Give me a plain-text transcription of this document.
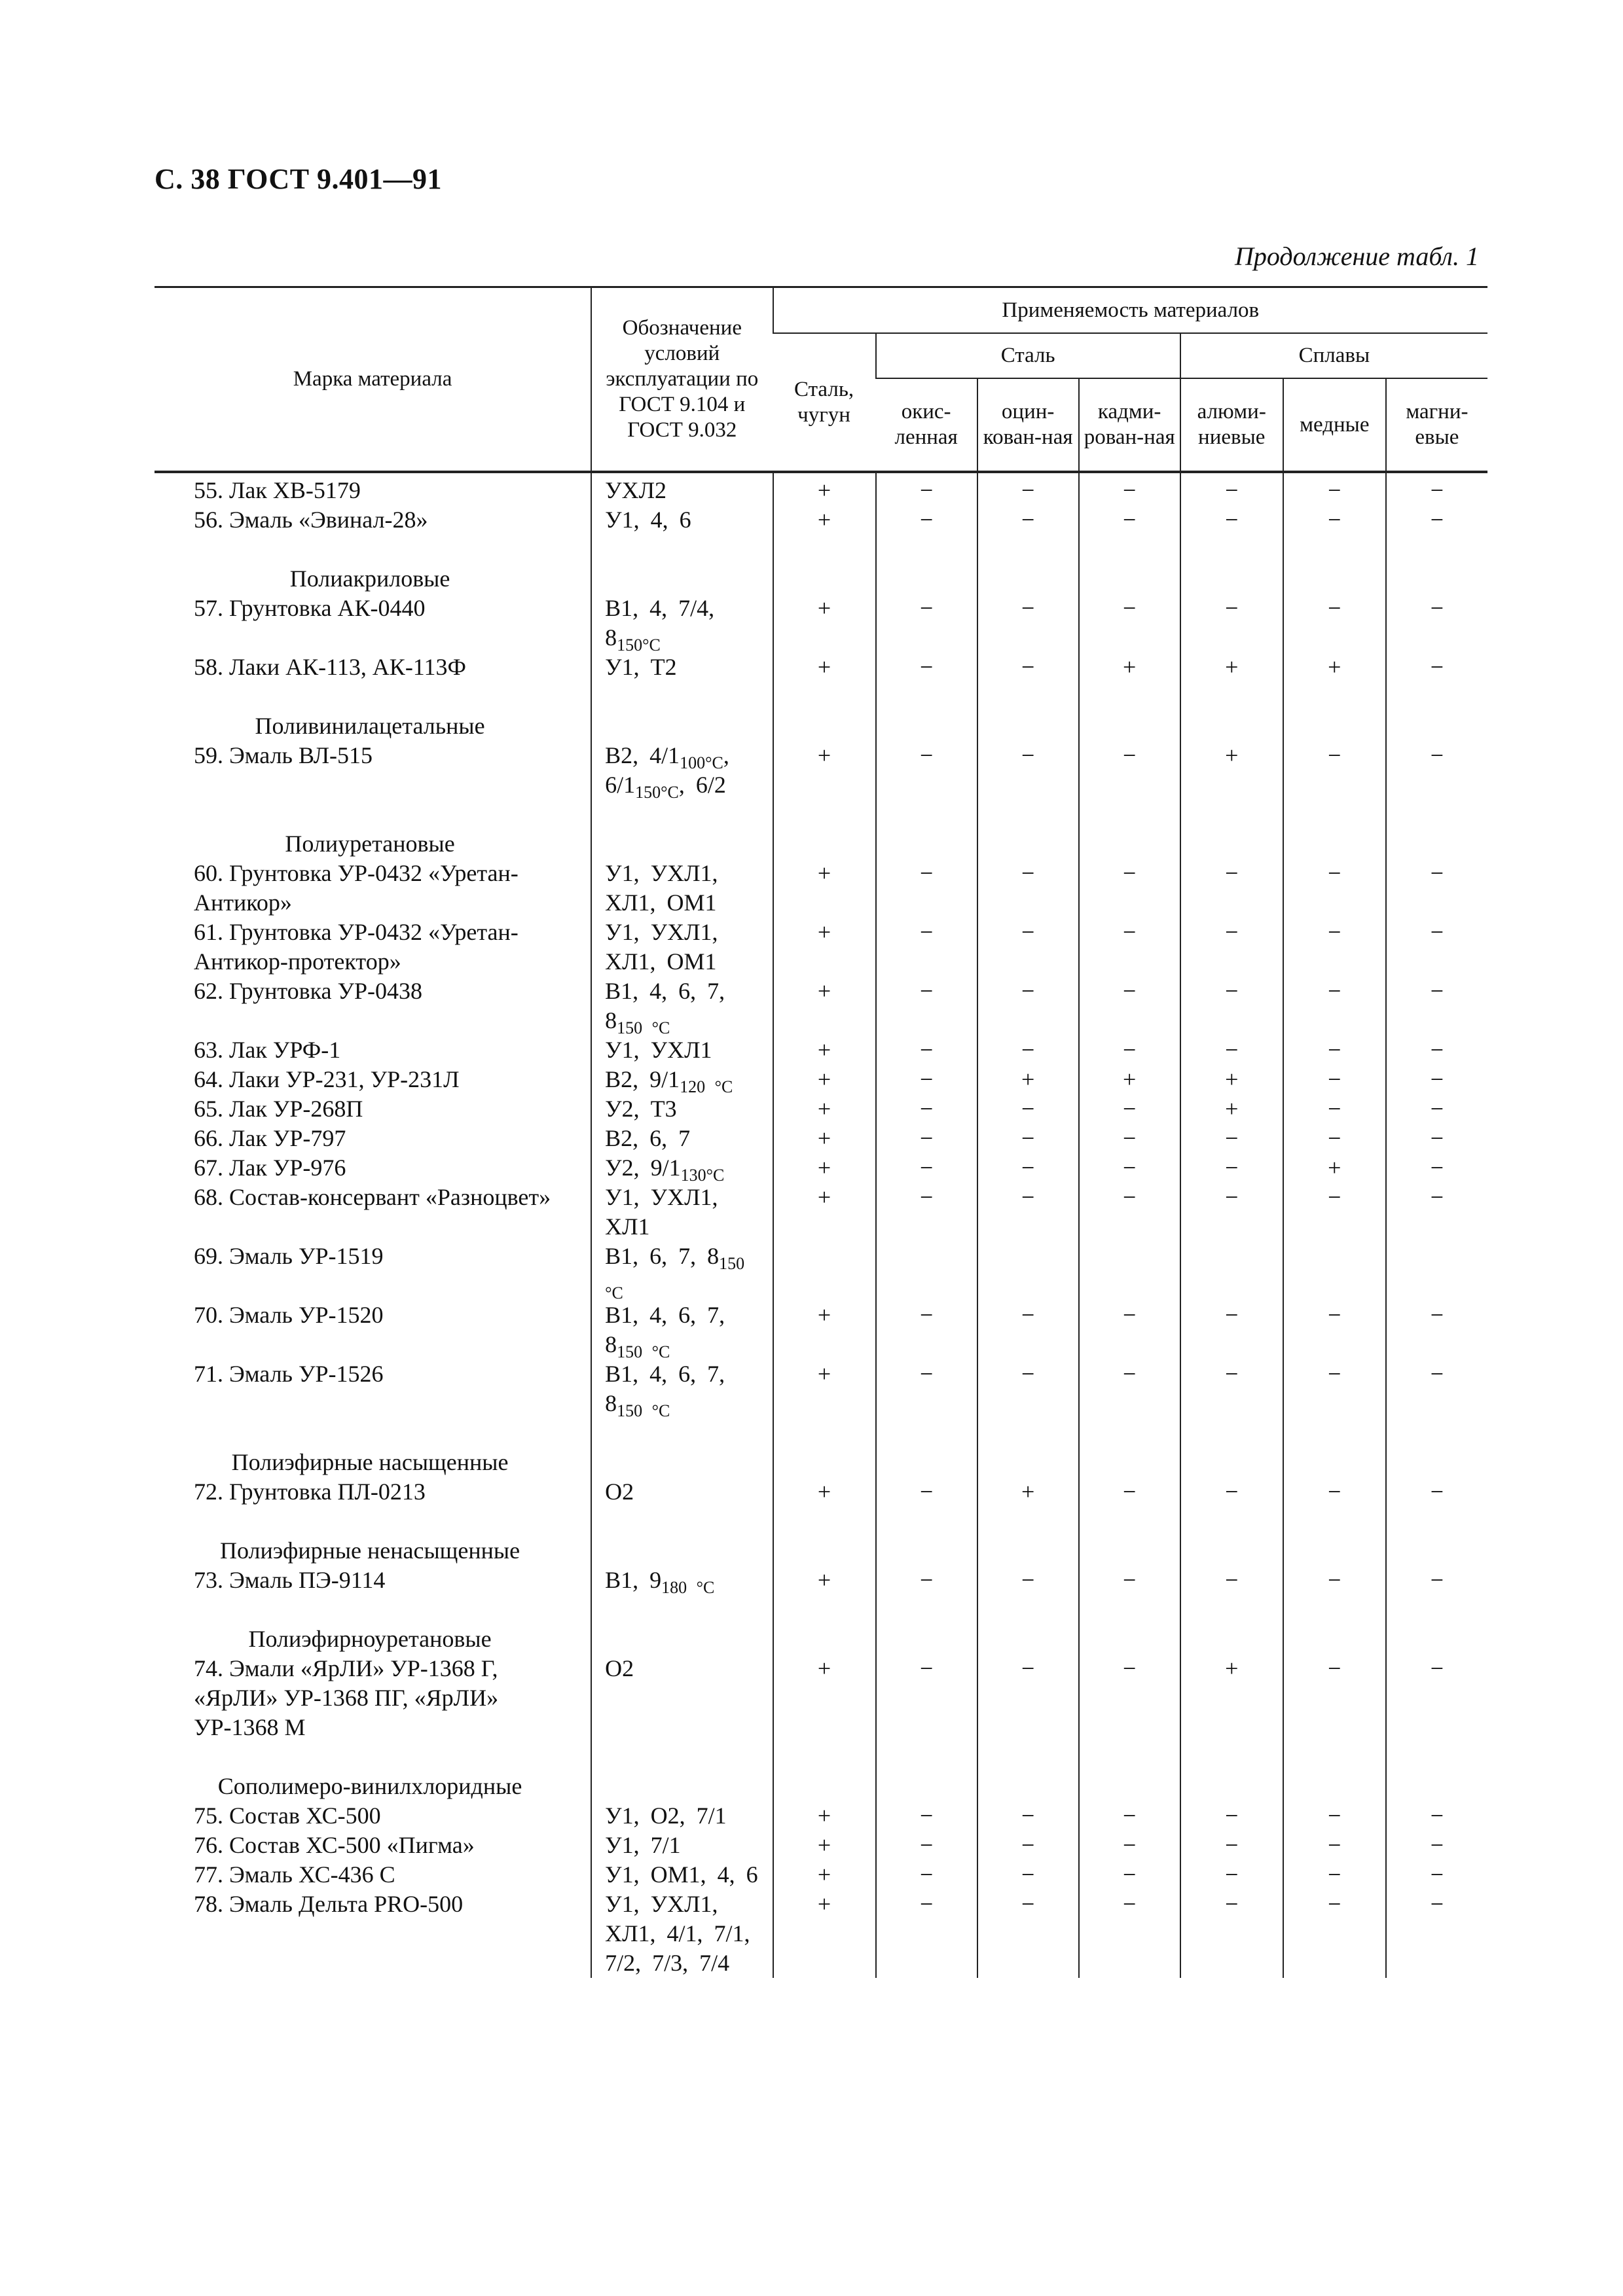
С. 38 ГОСТ 9.401—91
Продолжение табл. 1
Марка материала	Обозначение условий эксплуатации по ГОСТ 9.104 и ГОСТ 9.032	Применяемость материалов						
		Сталь, чугун	Сталь			Сплавы		
			окис-ленная	оцин-кован-ная	кадми-рован-ная	алюми-ниевые	медные	магни-евые

55. Лак ХВ-5179	УХЛ2	+	−	−	−	−	−	−
56. Эмаль «Эвинал-28»	У1, 4, 6	+	−	−	−	−	−	−

Полиакриловые								
57. Грунтовка АК-0440	В1, 4, 7/4, $8_{150^\circ C}$	+	−	−	−	−	−	−
58. Лаки АК-113, АК-113Ф	У1, Т2	+	−	−	+	+	+	−

Поливинилацетальные								
59. Эмаль ВЛ-515	В2, $4/1_{100^\circ C}$, $6/1_{150^\circ C}$, 6/2	+	−	−	−	+	−	−

Полиуретановые								
60. Грунтовка УР-0432 «Уретан-Антикор»	У1, УХЛ1, ХЛ1, ОМ1	+	−	−	−	−	−	−
61. Грунтовка УР-0432 «Уретан-Антикор-протектор»	У1, УХЛ1, ХЛ1, ОМ1	+	−	−	−	−	−	−
62. Грунтовка УР-0438	В1, 4, 6, 7, $8_{150 ^\circ C}$	+	−	−	−	−	−	−
63. Лак УРФ-1	У1, УХЛ1	+	−	−	−	−	−	−
64. Лаки УР-231, УР-231Л	В2, $9/1_{120 ^\circ C}$	+	−	+	+	+	−	−
65. Лак УР-268П	У2, Т3	+	−	−	−	+	−	−
66. Лак УР-797	В2, 6, 7	+	−	−	−	−	−	−
67. Лак УР-976	У2, $9/1_{130^\circ C}$	+	−	−	−	−	+	−
68. Состав-консервант «Разноцвет»	У1, УХЛ1, ХЛ1	+	−	−	−	−	−	−
69. Эмаль УР-1519	В1, 6, 7, $8_{150 ^\circ C}$							
70. Эмаль УР-1520	В1, 4, 6, 7, $8_{150 ^\circ C}$	+	−	−	−	−	−	−
71. Эмаль УР-1526	В1, 4, 6, 7, $8_{150 ^\circ C}$	+	−	−	−	−	−	−

Полиэфирные насыщенные								
72. Грунтовка ПЛ-0213	О2	+	−	+	−	−	−	−

Полиэфирные ненасыщенные								
73. Эмаль ПЭ-9114	В1, $9_{180 ^\circ C}$	+	−	−	−	−	−	−

Полиэфирноуретановые								
74. Эмали «ЯрЛИ» УР-1368 Г, «ЯрЛИ» УР-1368 ПГ, «ЯрЛИ» УР-1368 М	О2	+	−	−	−	+	−	−

Сополимеро-винилхлоридные								
75. Состав ХС-500	У1, О2, 7/1	+	−	−	−	−	−	−
76. Состав ХС-500 «Пигма»	У1, 7/1	+	−	−	−	−	−	−
77. Эмаль ХС-436 С	У1, ОМ1, 4, 6	+	−	−	−	−	−	−
78. Эмаль Дельта PRO-500	У1, УХЛ1, ХЛ1, 4/1, 7/1, 7/2, 7/3, 7/4	+	−	−	−	−	−	−
